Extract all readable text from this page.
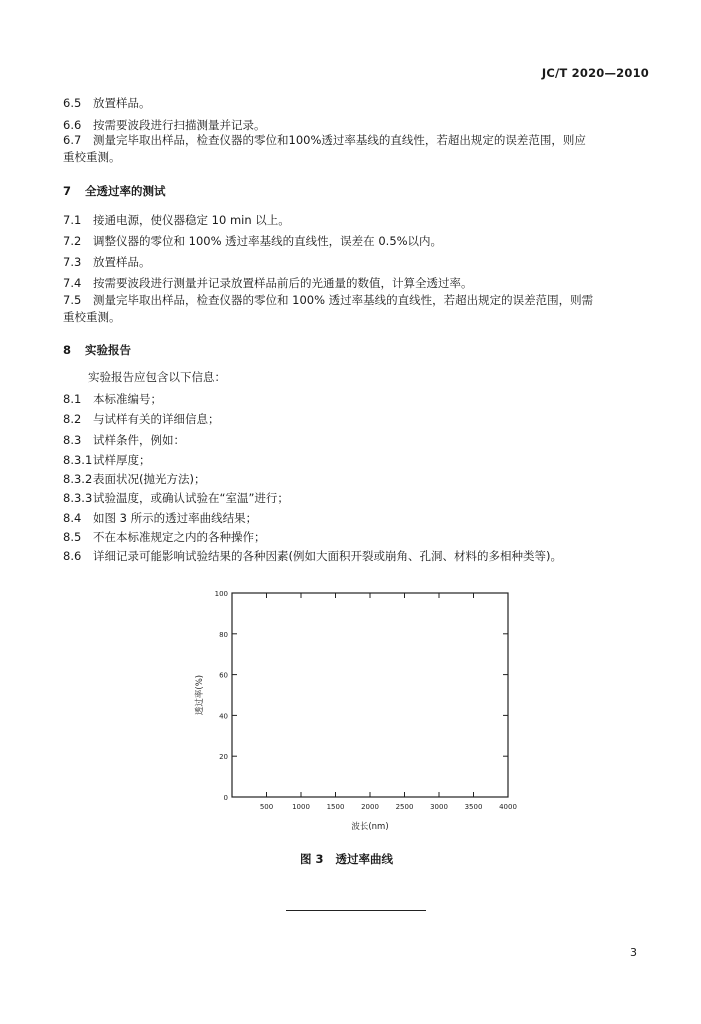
JC/T 2020—2010
6.5 放置样品。
6.6 按需要波段进行扫描测量并记录。
6.7 测量完毕取出样品，检查仪器的零位和100%透过率基线的直线性，若超出规定的误差范围，则应
重校重测。
7 全透过率的测试
7.1 接通电源，使仪器稳定 10 min 以上。
7.2 调整仪器的零位和 100% 透过率基线的直线性，误差在 0.5%以内。
7.3 放置样品。
7.4 按需要波段进行测量并记录放置样品前后的光通量的数值，计算全透过率。
7.5 测量完毕取出样品，检查仪器的零位和 100% 透过率基线的直线性，若超出规定的误差范围，则需
重校重测。
8 实验报告
实验报告应包含以下信息：
8.1 本标准编号；
8.2 与试样有关的详细信息；
8.3 试样条件，例如：
8.3.1试样厚度；
8.3.2表面状况(抛光方法)；
8.3.3试验温度，或确认试验在“室温”进行；
8.4 如图 3 所示的透过率曲线结果；
8.5 不在本标准规定之内的各种操作；
8.6 详细记录可能影响试验结果的各种因素(例如大面积开裂或崩角、孔洞、材料的多相种类等)。
0
20
40
60
80
100
500	1000 1500 2000 2500 3000 3500 4000
波长(nm)
透过率(%)
图 3 透过率曲线
3
